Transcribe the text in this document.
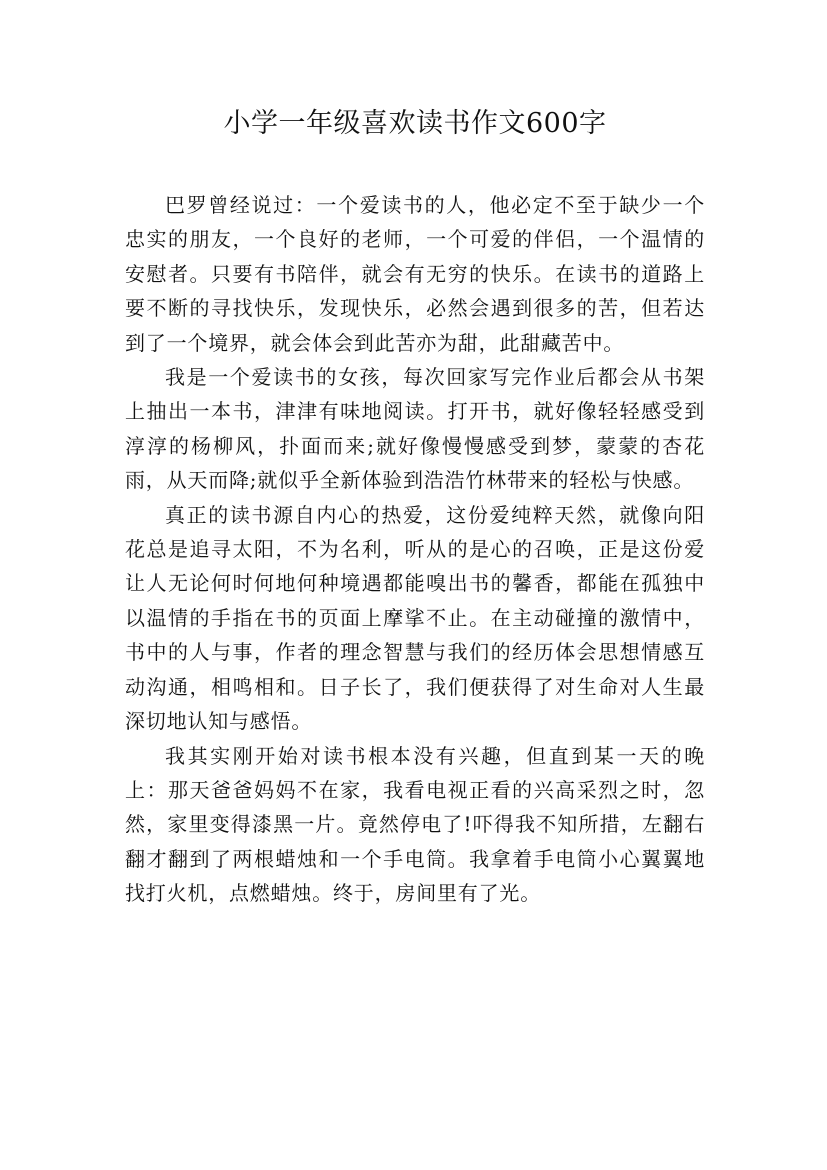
小学一年级喜欢读书作文600字

巴罗曾经说过：一个爱读书的人，他必定不至于缺少一个忠实的朋友，一个良好的老师，一个可爱的伴侣，一个温情的安慰者。只要有书陪伴，就会有无穷的快乐。在读书的道路上要不断的寻找快乐，发现快乐，必然会遇到很多的苦，但若达到了一个境界，就会体会到此苦亦为甜，此甜藏苦中。

我是一个爱读书的女孩，每次回家写完作业后都会从书架上抽出一本书，津津有味地阅读。打开书，就好像轻轻感受到淳淳的杨柳风，扑面而来;就好像慢慢感受到梦，蒙蒙的杏花雨，从天而降;就似乎全新体验到浩浩竹林带来的轻松与快感。

真正的读书源自内心的热爱，这份爱纯粹天然，就像向阳花总是追寻太阳，不为名利，听从的是心的召唤，正是这份爱让人无论何时何地何种境遇都能嗅出书的馨香，都能在孤独中以温情的手指在书的页面上摩挲不止。在主动碰撞的激情中，书中的人与事，作者的理念智慧与我们的经历体会思想情感互动沟通，相鸣相和。日子长了，我们便获得了对生命对人生最深切地认知与感悟。

我其实刚开始对读书根本没有兴趣，但直到某一天的晚上：那天爸爸妈妈不在家，我看电视正看的兴高采烈之时，忽然，家里变得漆黑一片。竟然停电了!吓得我不知所措，左翻右翻才翻到了两根蜡烛和一个手电筒。我拿着手电筒小心翼翼地找打火机，点燃蜡烛。终于，房间里有了光。
